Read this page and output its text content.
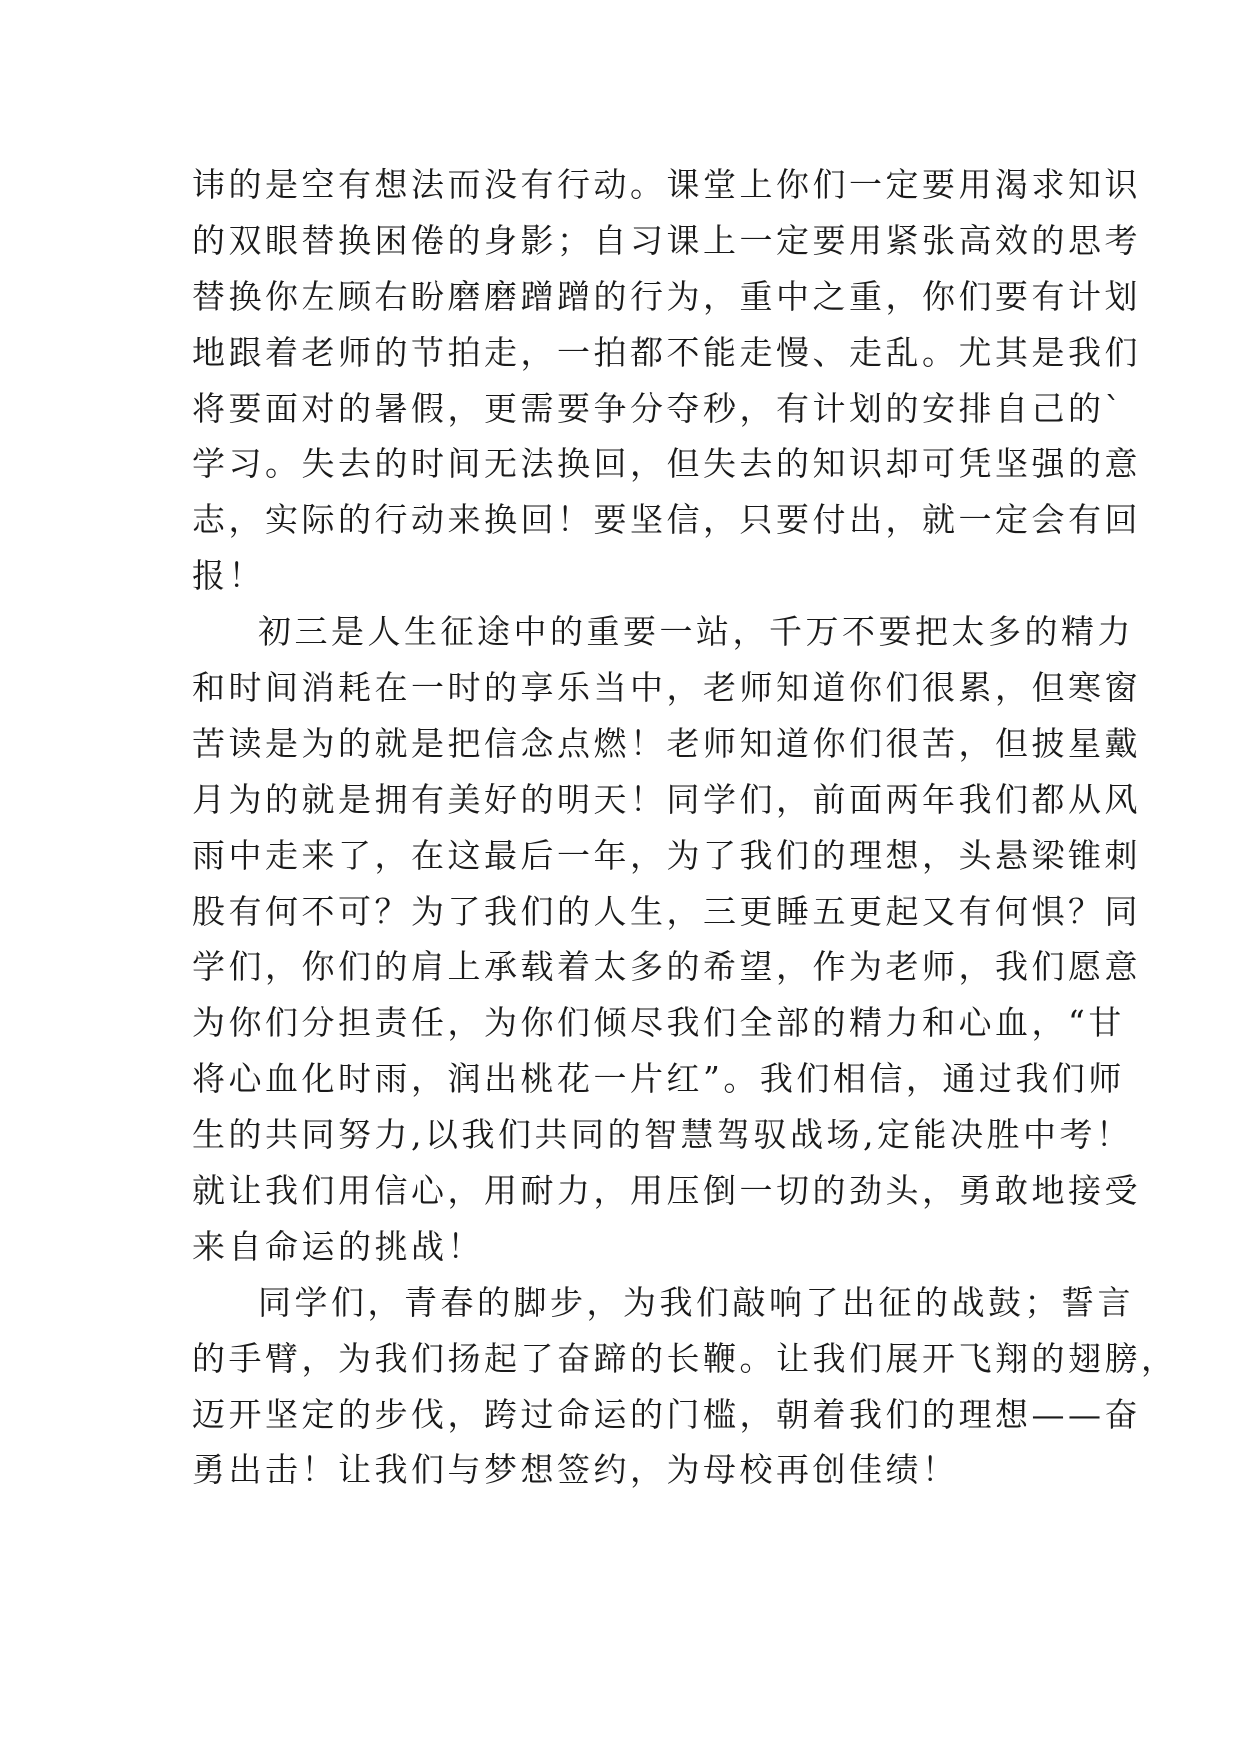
讳的是空有想法而没有行动。课堂上你们一定要用渴求知识
的双眼替换困倦的身影；自习课上一定要用紧张高效的思考
替换你左顾右盼磨磨蹭蹭的行为，重中之重，你们要有计划
地跟着老师的节拍走，一拍都不能走慢、走乱。尤其是我们
将要面对的暑假，更需要争分夺秒，有计划的安排自己的`
学习。失去的时间无法换回，但失去的知识却可凭坚强的意
志，实际的行动来换回！要坚信，只要付出，就一定会有回
报！
初三是人生征途中的重要一站，千万不要把太多的精力
和时间消耗在一时的享乐当中，老师知道你们很累，但寒窗
苦读是为的就是把信念点燃！老师知道你们很苦，但披星戴
月为的就是拥有美好的明天！同学们，前面两年我们都从风
雨中走来了，在这最后一年，为了我们的理想，头悬梁锥刺
股有何不可？为了我们的人生，三更睡五更起又有何惧？同
学们，你们的肩上承载着太多的希望，作为老师，我们愿意
为你们分担责任，为你们倾尽我们全部的精力和心血，“甘
将心血化时雨，润出桃花一片红”。我们相信，通过我们师
生的共同努力,以我们共同的智慧驾驭战场,定能决胜中考！
就让我们用信心，用耐力，用压倒一切的劲头，勇敢地接受
来自命运的挑战！
同学们，青春的脚步，为我们敲响了出征的战鼓；誓言
的手臂，为我们扬起了奋蹄的长鞭。让我们展开飞翔的翅膀，
迈开坚定的步伐，跨过命运的门槛，朝着我们的理想——奋
勇出击！让我们与梦想签约，为母校再创佳绩！
